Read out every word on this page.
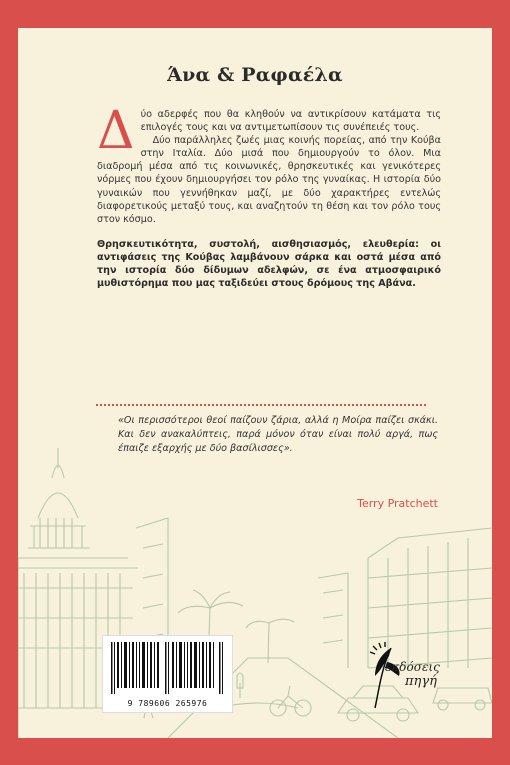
Άνα & Ραφαέλα

Δύο αδερφές που θα κληθούν να αντικρίσουν κατάματα τις επιλογές τους και να αντιμετωπίσουν τις συνέπειές τους.

Δύο παράλληλες ζωές μιας κοινής πορείας, από την Κούβα στην Ιταλία. Δύο μισά που δημιουργούν το όλον. Μια διαδρομή μέσα από τις κοινωνικές, θρησκευτικές και γενικότερες νόρμες που έχουν δημιουργήσει τον ρόλο της γυναίκας. Η ιστορία δύο γυναικών που γεννήθηκαν μαζί, με δύο χαρακτήρες εντελώς διαφορετικούς μεταξύ τους, και αναζητούν τη θέση και τον ρόλο τους στον κόσμο.

Θρησκευτικότητα, συστολή, αισθησιασμός, ελευθερία: οι αντιφάσεις της Κούβας λαμβάνουν σάρκα και οστά μέσα από την ιστορία δύο δίδυμων αδελφών, σε ένα ατμοσφαιρικό μυθιστόρημα που μας ταξιδεύει στους δρόμους της Αβάνα.

«Οι περισσότεροι θεοί παίζουν ζάρια, αλλά η Μοίρα παίζει σκάκι. Και δεν ανακαλύπτεις, παρά μόνον όταν είναι πολύ αργά, πως έπαιζε εξαρχής με δύο βασίλισσες».
Terry Pratchett
9 789606 265976
εκδόσεις
πηγή
